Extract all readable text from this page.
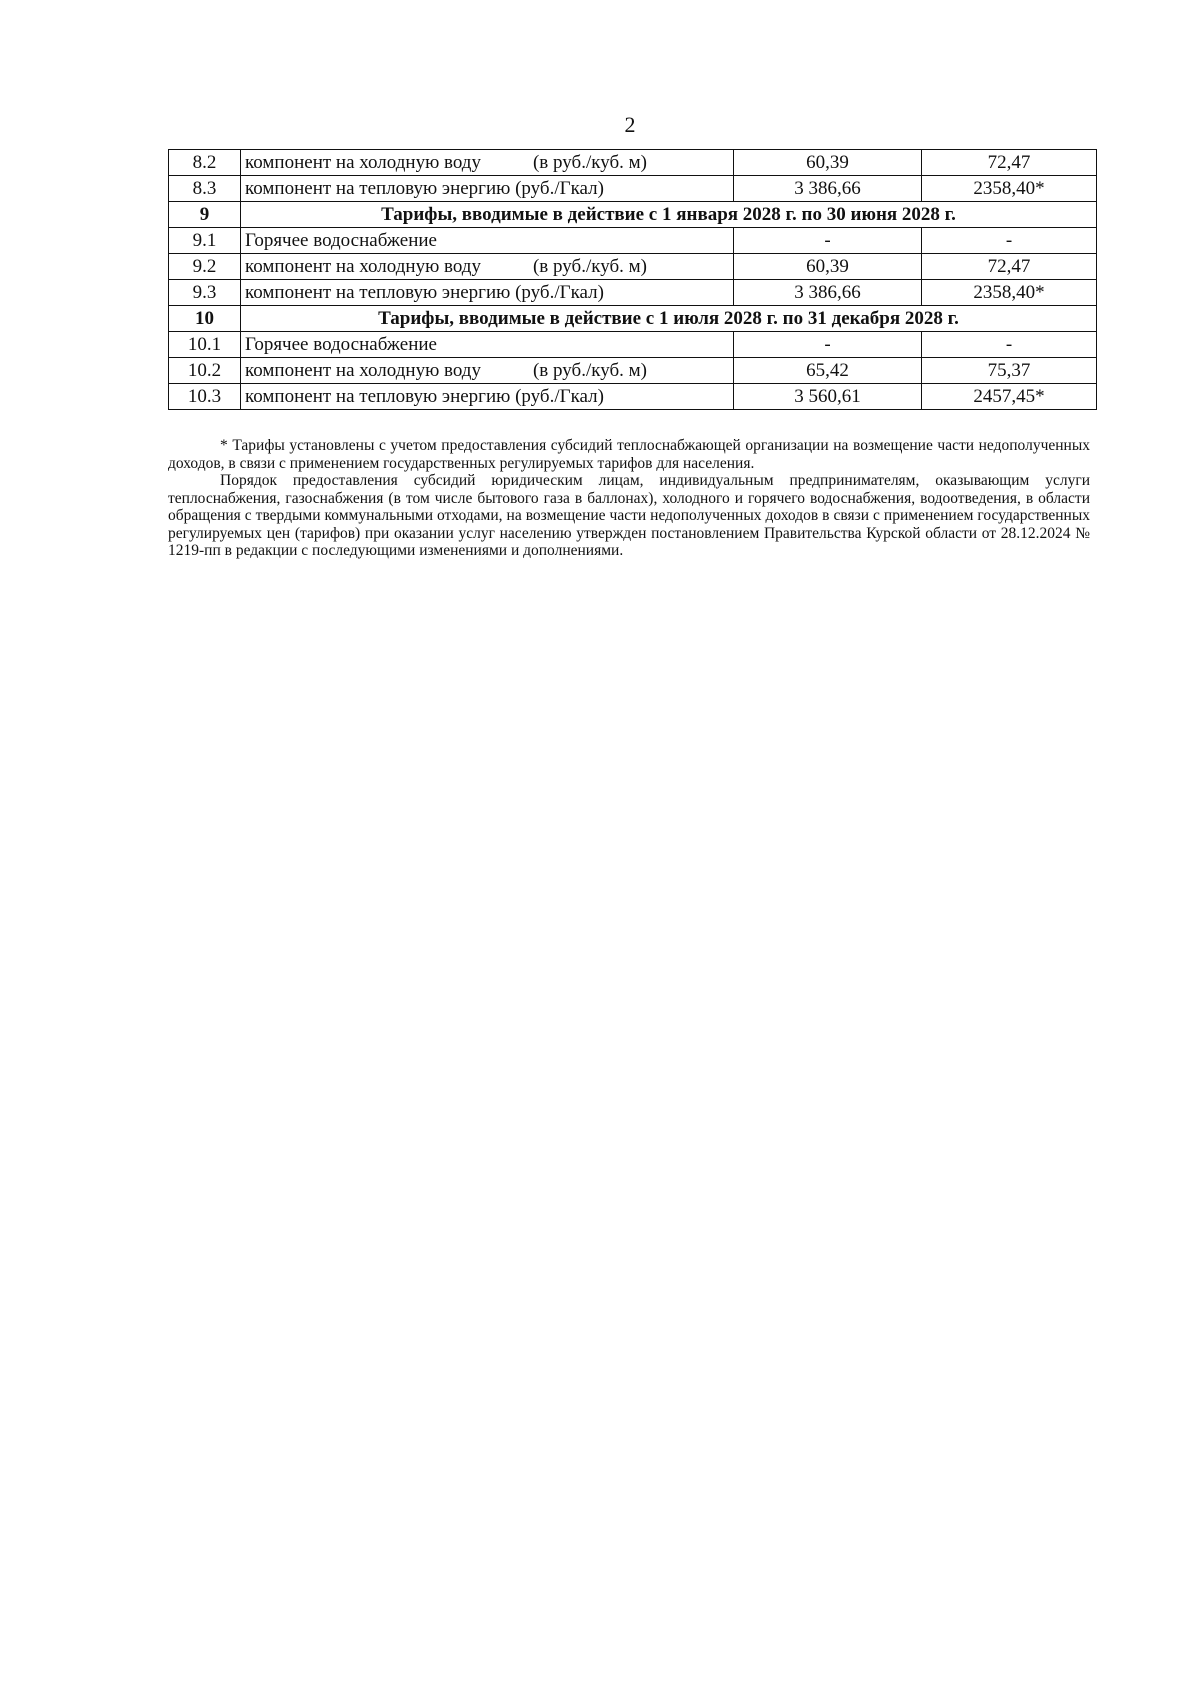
2
8.2	компонент на холодную воду (в руб./куб. м)	60,39	72,47
8.3	компонент на тепловую энергию (руб./Гкал)	3 386,66	2358,40*
9	Тарифы, вводимые в действие с 1 января 2028 г. по 30 июня 2028 г.		
9.1	Горячее водоснабжение	-	-
9.2	компонент на холодную воду (в руб./куб. м)	60,39	72,47
9.3	компонент на тепловую энергию (руб./Гкал)	3 386,66	2358,40*
10	Тарифы, вводимые в действие с 1 июля 2028 г. по 31 декабря 2028 г.		
10.1	Горячее водоснабжение	-	-
10.2	компонент на холодную воду (в руб./куб. м)	65,42	75,37
10.3	компонент на тепловую энергию (руб./Гкал)	3 560,61	2457,45*

* Тарифы установлены с учетом предоставления субсидий теплоснабжающей организации на возмещение части недополученных доходов, в связи с применением государственных регулируемых тарифов для населения.

Порядок предоставления субсидий юридическим лицам, индивидуальным предпринимателям, оказывающим услуги теплоснабжения, газоснабжения (в том числе бытового газа в баллонах), холодного и горячего водоснабжения, водоотведения, в области обращения с твердыми коммунальными отходами, на возмещение части недополученных доходов в связи с применением государственных регулируемых цен (тарифов) при оказании услуг населению утвержден постановлением Правительства Курской области от 28.12.2024 № 1219-пп в редакции с последующими изменениями и дополнениями.
